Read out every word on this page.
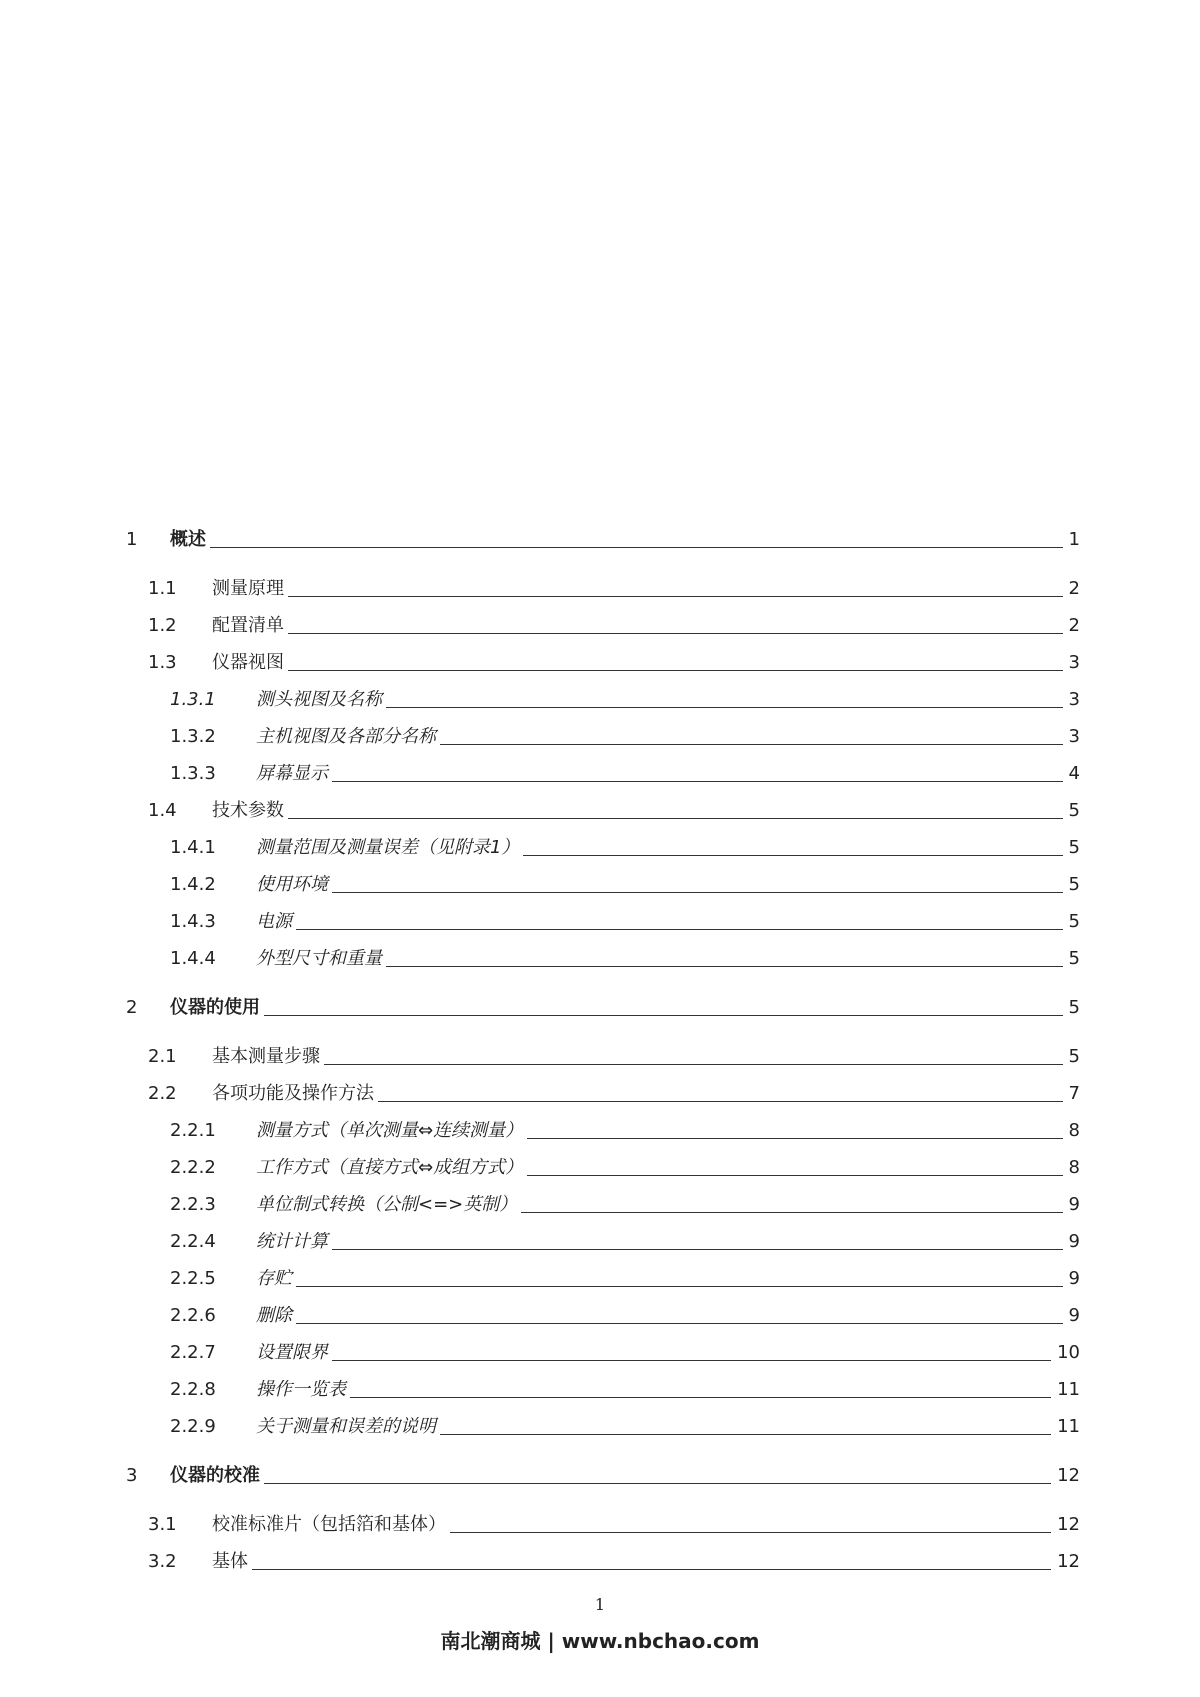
1	概述	1
1.1	测量原理	2
1.2	配置清单	2
1.3	仪器视图	3
1.3.1	测头视图及名称	3
1.3.2	主机视图及各部分名称	3
1.3.3	屏幕显示	4
1.4	技术参数	5
1.4.1	测量范围及测量误差（见附录1）	5
1.4.2	使用环境	5
1.4.3	电源	5
1.4.4	外型尺寸和重量	5
2	仪器的使用	5
2.1	基本测量步骤	5
2.2	各项功能及操作方法	7
2.2.1	测量方式（单次测量⇔连续测量）	8
2.2.2	工作方式（直接方式⇔成组方式）	8
2.2.3	单位制式转换（公制<=>英制）	9
2.2.4	统计计算	9
2.2.5	存贮	9
2.2.6	删除	9
2.2.7	设置限界	10
2.2.8	操作一览表	11
2.2.9	关于测量和误差的说明	11
3	仪器的校准	12
3.1	校准标准片（包括箔和基体）	12
3.2	基体	12
1
南北潮商城 | www.nbchao.com
